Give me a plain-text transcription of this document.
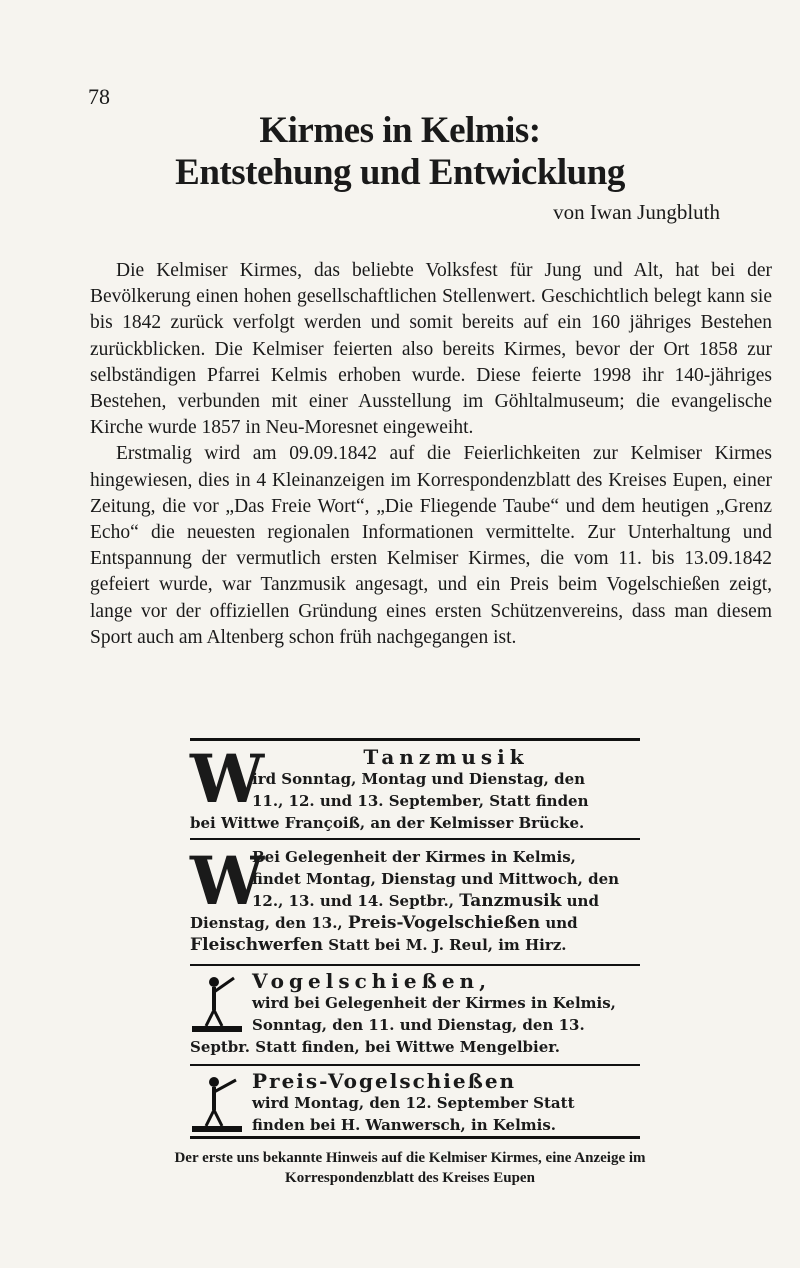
78
Kirmes in Kelmis:
Entstehung und Entwicklung
von Iwan Jungbluth

Die Kelmiser Kirmes, das beliebte Volksfest für Jung und Alt, hat bei der Bevölkerung einen hohen gesellschaftlichen Stellenwert. Geschichtlich belegt kann sie bis 1842 zurück verfolgt werden und somit bereits auf ein 160 jähriges Bestehen zurückblicken. Die Kelmiser feierten also bereits Kirmes, bevor der Ort 1858 zur selbständigen Pfarrei Kelmis erhoben wurde. Diese feierte 1998 ihr 140-jähriges Bestehen, verbunden mit einer Ausstellung im Göhltalmuseum; die evangelische Kirche wurde 1857 in Neu-Moresnet eingeweiht.

Erstmalig wird am 09.09.1842 auf die Feierlichkeiten zur Kelmiser Kirmes hingewiesen, dies in 4 Kleinanzeigen im Korrespondenzblatt des Kreises Eupen, einer Zeitung, die vor „Das Freie Wort“, „Die Fliegende Taube“ und dem heutigen „Grenz Echo“ die neuesten regionalen Informationen vermittelte. Zur Unterhaltung und Entspannung der vermutlich ersten Kelmiser Kirmes, die vom 11. bis 13.09.1842 gefeiert wurde, war Tanzmusik angesagt, und ein Preis beim Vogelschießen zeigt, lange vor der offiziellen Gründung eines ersten Schützenvereins, dass man diesem Sport auch am Altenberg schon früh nachgegangen ist.

W	Tanzmusik
ird Sonntag, Montag und Dienstag, den
11., 12. und 13. September, Statt finden
bei Wittwe Françoiß, an der Kelmisser Brücke.
W
Bei Gelegenheit der Kirmes in Kelmis,
findet Montag, Dienstag und Mittwoch, den
12., 13. und 14. Septbr., Tanzmusik und
Dienstag, den 13., Preis-Vogelschießen und
Fleischwerfen Statt bei M. J. Reul, im Hirz.
Vogelschießen,
wird bei Gelegenheit der Kirmes in Kelmis,
Sonntag, den 11. und Dienstag, den 13.
Septbr. Statt finden, bei Wittwe Mengelbier.
Preis-Vogelschießen
wird Montag, den 12. September Statt
finden bei H. Wanwersch, in Kelmis.
Der erste uns bekannte Hinweis auf die Kelmiser Kirmes, eine Anzeige im
Korrespondenzblatt des Kreises Eupen
